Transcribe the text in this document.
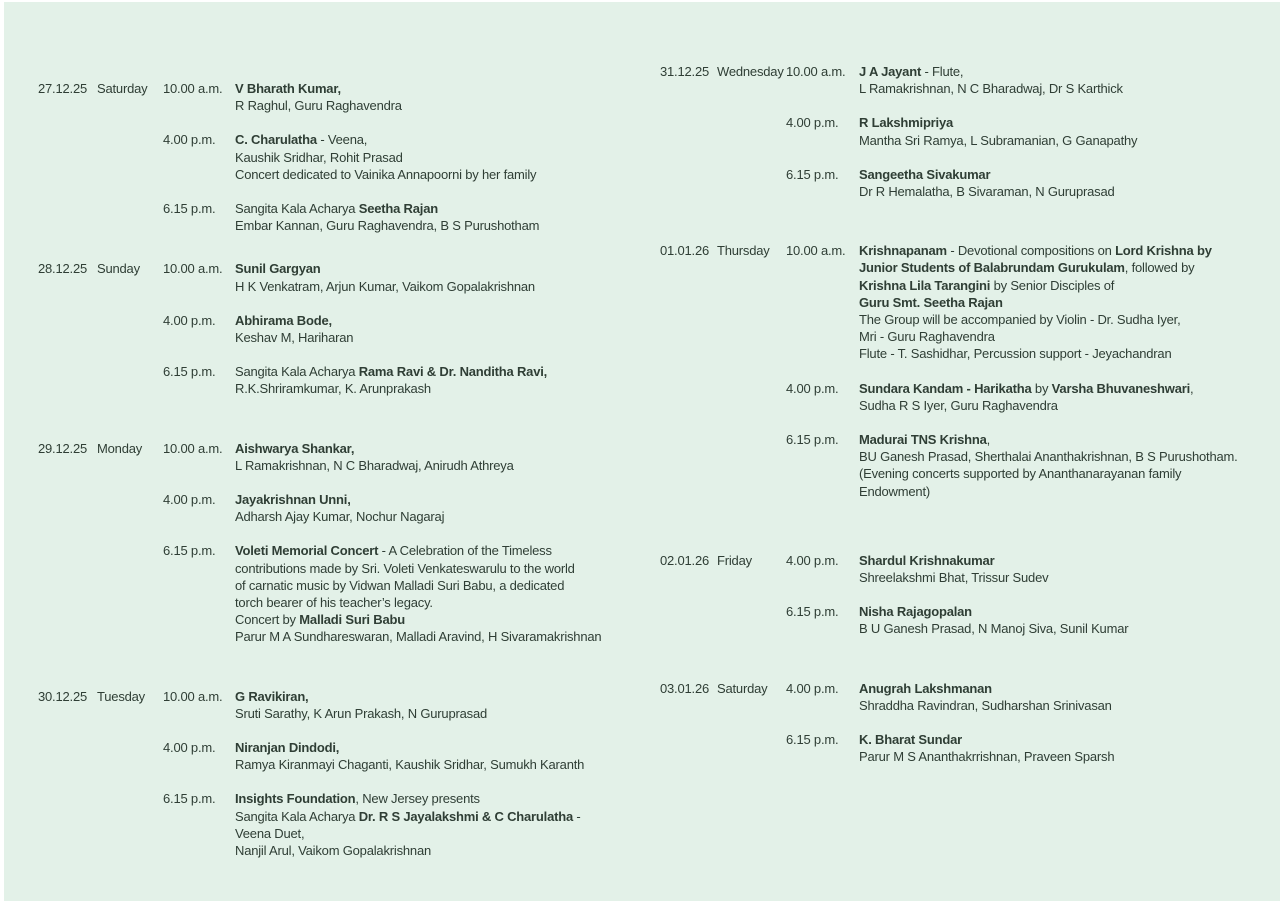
27.12.25 Saturday 10.00 a.m. V Bharath Kumar,
R Raghul, Guru Raghavendra
4.00 p.m.	C. Charulatha - Veena,
Kaushik Sridhar, Rohit Prasad
Concert dedicated to Vainika Annapoorni by her family
6.15 p.m.	Sangita Kala Acharya Seetha Rajan
Embar Kannan, Guru Raghavendra, B S Purushotham
28.12.25 Sunday 10.00 a.m. Sunil Gargyan
H K Venkatram, Arjun Kumar, Vaikom Gopalakrishnan
4.00 p.m.	Abhirama Bode,
Keshav M, Hariharan
6.15 p.m.	Sangita Kala Acharya Rama Ravi & Dr. Nanditha Ravi,
R.K.Shriramkumar, K. Arunprakash
29.12.25 Monday 10.00 a.m. Aishwarya Shankar,
L Ramakrishnan, N C Bharadwaj, Anirudh Athreya
4.00 p.m.	Jayakrishnan Unni,
Adharsh Ajay Kumar, Nochur Nagaraj
6.15 p.m.	Voleti Memorial Concert - A Celebration of the Timeless
contributions made by Sri. Voleti Venkateswarulu to the world
of carnatic music by Vidwan Malladi Suri Babu, a dedicated
torch bearer of his teacher’s legacy.
Concert by Malladi Suri Babu
Parur M A Sundhareswaran, Malladi Aravind, H Sivaramakrishnan
30.12.25 Tuesday 10.00 a.m. G Ravikiran,
Sruti Sarathy, K Arun Prakash, N Guruprasad
4.00 p.m.	Niranjan Dindodi,
Ramya Kiranmayi Chaganti, Kaushik Sridhar, Sumukh Karanth
6.15 p.m.	Insights Foundation, New Jersey presents
Sangita Kala Acharya Dr. R S Jayalakshmi & C Charulatha -
Veena Duet,
Nanjil Arul, Vaikom Gopalakrishnan
31.12.25 Wednesday 10.00 a.m.	J A Jayant - Flute,
L Ramakrishnan, N C Bharadwaj, Dr S Karthick
4.00 p.m.	R Lakshmipriya
Mantha Sri Ramya, L Subramanian, G Ganapathy
6.15 p.m.	Sangeetha Sivakumar
Dr R Hemalatha, B Sivaraman, N Guruprasad
01.01.26 Thursday 10.00 a.m.	Krishnapanam - Devotional compositions on Lord Krishna by
Junior Students of Balabrundam Gurukulam, followed by
Krishna Lila Tarangini by Senior Disciples of
Guru Smt. Seetha Rajan
The Group will be accompanied by Violin - Dr. Sudha Iyer,
Mri - Guru Raghavendra
Flute - T. Sashidhar, Percussion support - Jeyachandran
4.00 p.m.	Sundara Kandam - Harikatha by Varsha Bhuvaneshwari,
Sudha R S Iyer, Guru Raghavendra
6.15 p.m.	Madurai TNS Krishna,
BU Ganesh Prasad, Sherthalai Ananthakrishnan, B S Purushotham.
(Evening concerts supported by Ananthanarayanan family
Endowment)
02.01.26 Friday	4.00 p.m.	Shardul Krishnakumar
Shreelakshmi Bhat, Trissur Sudev
6.15 p.m.	Nisha Rajagopalan
B U Ganesh Prasad, N Manoj Siva, Sunil Kumar
03.01.26 Saturday 4.00 p.m.	Anugrah Lakshmanan
Shraddha Ravindran, Sudharshan Srinivasan
6.15 p.m.	K. Bharat Sundar
Parur M S Ananthakrrishnan, Praveen Sparsh
